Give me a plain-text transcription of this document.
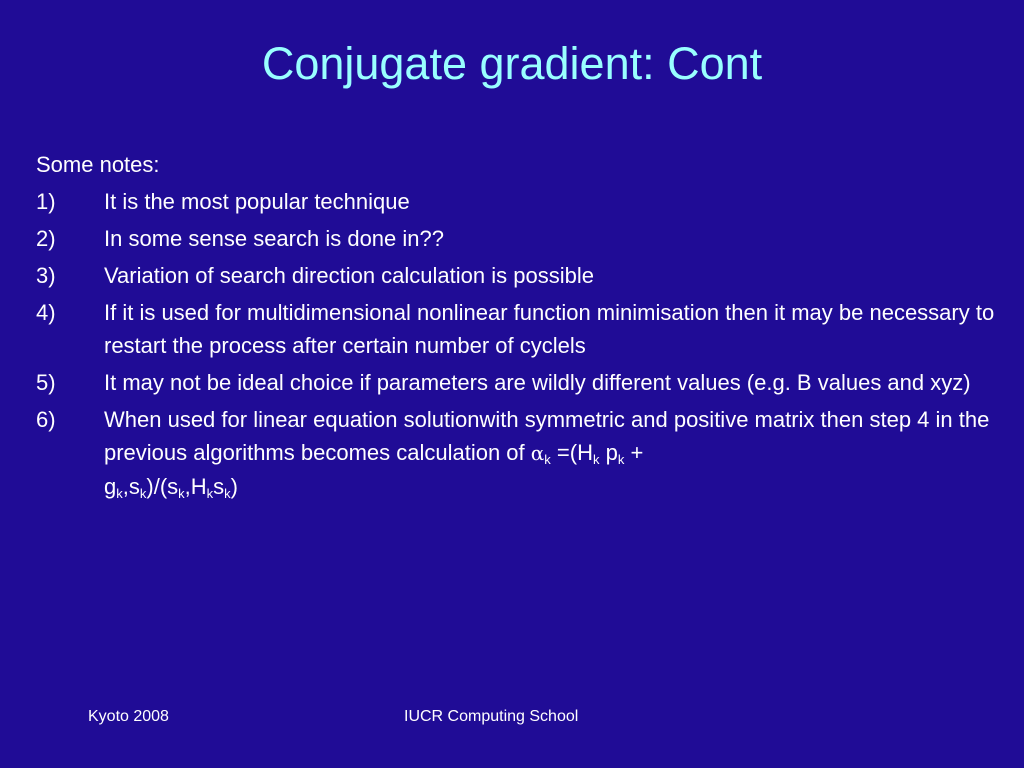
Conjugate gradient: Cont
Some notes:
1)	It is the most popular technique
2)	In some sense search is done in??
3)	Variation of search direction calculation is possible
4)	If it is used for multidimensional nonlinear function minimisation then it may be necessary to restart the process after certain number of cyclels
5)	It may not be ideal choice if parameters are wildly different values (e.g. B values and xyz)
6)	When used for linear equation solutionwith symmetric and positive matrix then step 4 in the previous algorithms becomes calculation of $\alpha_k =(H_k$ $p_k$ +
$g_k,s_k)/(s_k,H_ks_k)$
Kyoto 2008	IUCR Computing School
